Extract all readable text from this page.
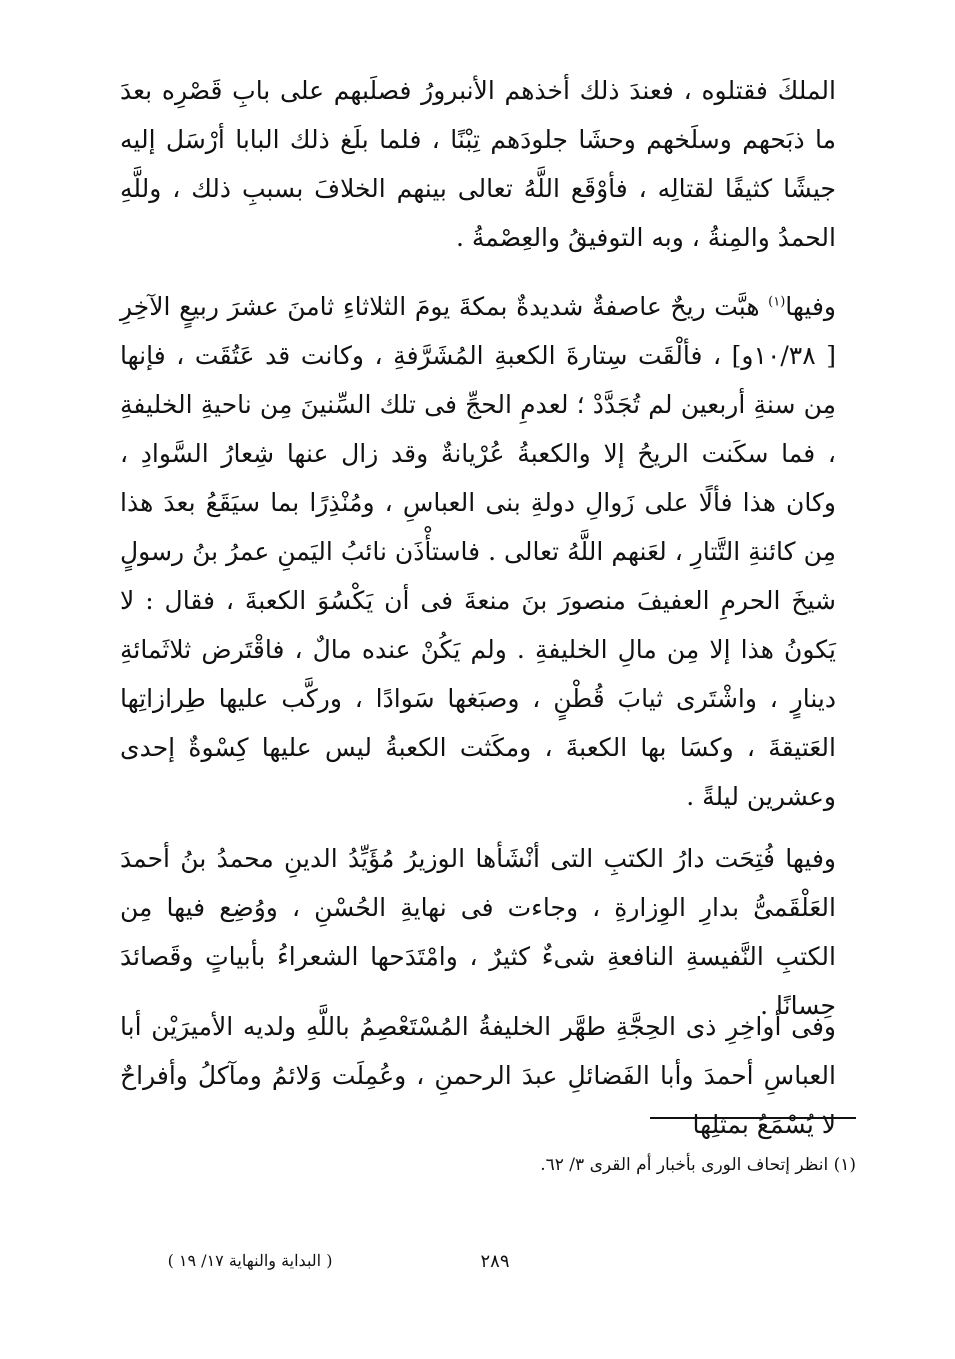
الملكَ فقتلوه ، فعندَ ذلك أخذهم الأنبرورُ فصلَبهم على بابِ قَصْرِه بعدَ ما ذبَحهم وسلَخهم وحشَا جلودَهم تِبْنًا ، فلما بلَغ ذلك البابا أرْسَل إليه جيشًا كثيفًا لقتالِه ، فأوْقَع اللَّهُ تعالى بينهم الخلافَ بسببِ ذلك ، وللَّهِ الحمدُ والمِنةُ ، وبه التوفيقُ والعِصْمةُ .

وفيها$^{(١)}$ هبَّت ريحٌ عاصفةٌ شديدةٌ بمكةَ يومَ الثلاثاءِ ثامنَ عشرَ ربيعٍ الآخِرِ [ ١٠/٣٨و] ، فألْقَت سِتارةَ الكعبةِ المُشَرَّفةِ ، وكانت قد عَتُقَت ، فإنها مِن سنةِ أربعين لم تُجَدَّدْ ؛ لعدمِ الحجِّ فى تلك السِّنينَ مِن ناحيةِ الخليفةِ ، فما سكَنت الريحُ إلا والكعبةُ عُرْيانةٌ وقد زال عنها شِعارُ السَّوادِ ، وكان هذا فألًا على زَوالِ دولةِ بنى العباسِ ، ومُنْذِرًا بما سيَقَعُ بعدَ هذا مِن كائنةِ التَّتارِ ، لعَنهم اللَّهُ تعالى . فاستأْذَن نائبُ اليَمنِ عمرُ بنُ رسولٍ شيخَ الحرمِ العفيفَ منصورَ بنَ منعةَ فى أن يَكْسُوَ الكعبةَ ، فقال : لا يَكونُ هذا إلا مِن مالِ الخليفةِ . ولم يَكُنْ عنده مالٌ ، فاقْتَرض ثلاثَمائةِ دينارٍ ، واشْتَرى ثيابَ قُطْنٍ ، وصبَغها سَوادًا ، وركَّب عليها طِرازاتِها العَتيقةَ ، وكسَا بها الكعبةَ ، ومكَثت الكعبةُ ليس عليها كِسْوةٌ إحدى وعشرين ليلةً .

وفيها فُتِحَت دارُ الكتبِ التى أنْشَأها الوزيرُ مُؤَيِّدُ الدينِ محمدُ بنُ أحمدَ العَلْقَمىُّ بدارِ الوِزارةِ ، وجاءت فى نهايةِ الحُسْنِ ، ووُضِع فيها مِن الكتبِ النَّفيسةِ النافعةِ شىءٌ كثيرٌ ، وامْتَدَحها الشعراءُ بأبياتٍ وقَصائدَ حِسانًا .

وفى أواخِرِ ذى الحِجَّةِ طهَّر الخليفةُ المُسْتَعْصِمُ باللَّهِ ولديه الأميرَيْن أبا العباسِ أحمدَ وأبا الفَضائلِ عبدَ الرحمنِ ، وعُمِلَت وَلائمُ ومآكلُ وأفراحٌ لا يُسْمَعُ بمثلِها

(١) انظر إتحاف الورى بأخبار أم القرى ٣/ ٦٢.

٢٨٩

( البداية والنهاية ١٧/ ١٩ )
